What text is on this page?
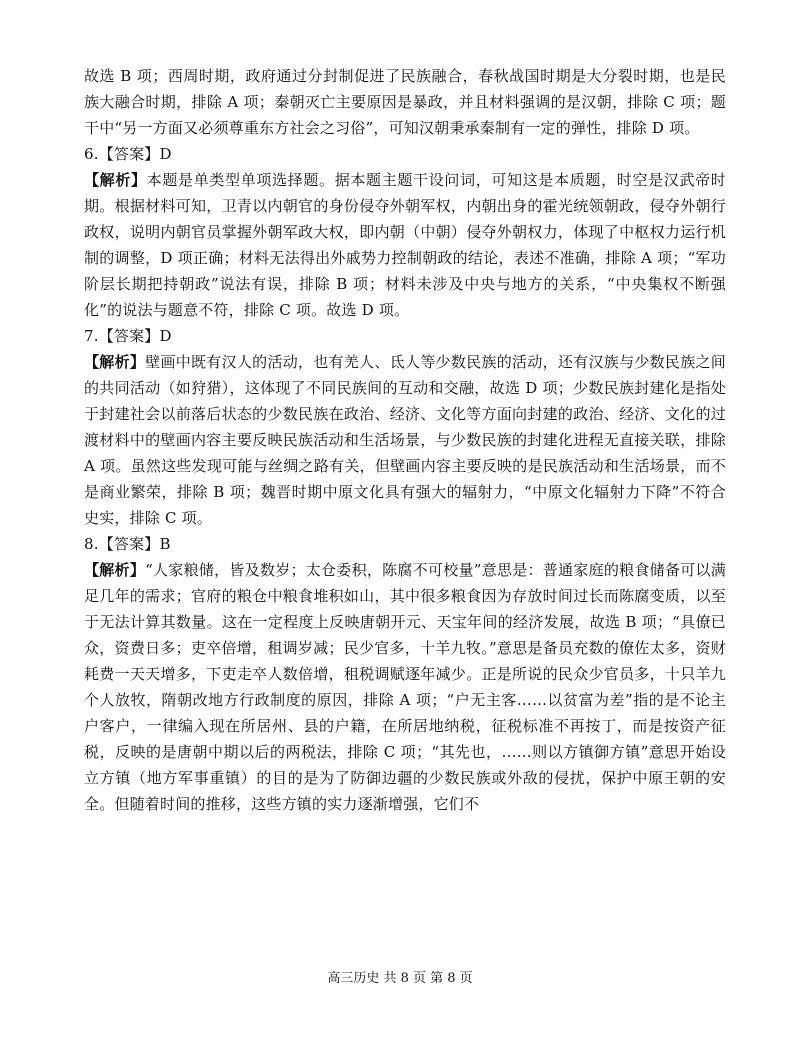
故选 B 项；西周时期，政府通过分封制促进了民族融合，春秋战国时期是大分裂时期，也是民族大融合时期，排除 A 项；秦朝灭亡主要原因是暴政，并且材料强调的是汉朝，排除 C 项；题干中“另一方面又必须尊重东方社会之习俗”，可知汉朝秉承秦制有一定的弹性，排除 D 项。

6.【答案】D

【解析】本题是单类型单项选择题。据本题主题干设问词，可知这是本质题，时空是汉武帝时期。根据材料可知，卫青以内朝官的身份侵夺外朝军权，内朝出身的霍光统领朝政，侵夺外朝行政权，说明内朝官员掌握外朝军政大权，即内朝（中朝）侵夺外朝权力，体现了中枢权力运行机制的调整，D 项正确；材料无法得出外戚势力控制朝政的结论，表述不准确，排除 A 项；“军功阶层长期把持朝政”说法有误，排除 B 项；材料未涉及中央与地方的关系，“中央集权不断强化”的说法与题意不符，排除 C 项。故选 D 项。

7.【答案】D

【解析】壁画中既有汉人的活动，也有羌人、氐人等少数民族的活动，还有汉族与少数民族之间的共同活动（如狩猎），这体现了不同民族间的互动和交融，故选 D 项；少数民族封建化是指处于封建社会以前落后状态的少数民族在政治、经济、文化等方面向封建的政治、经济、文化的过渡材料中的壁画内容主要反映民族活动和生活场景，与少数民族的封建化进程无直接关联，排除 A 项。虽然这些发现可能与丝绸之路有关，但壁画内容主要反映的是民族活动和生活场景，而不是商业繁荣，排除 B 项；魏晋时期中原文化具有强大的辐射力，“中原文化辐射力下降”不符合史实，排除 C 项。

8.【答案】B

【解析】“人家粮储，皆及数岁；太仓委积，陈腐不可校量”意思是：普通家庭的粮食储备可以满足几年的需求；官府的粮仓中粮食堆积如山，其中很多粮食因为存放时间过长而陈腐变质，以至于无法计算其数量。这在一定程度上反映唐朝开元、天宝年间的经济发展，故选 B 项；“具僚已众，资费日多；吏卒倍增，租调岁减；民少官多，十羊九牧。”意思是备员充数的僚佐太多，资财耗费一天天增多，下吏走卒人数倍增，租税调赋逐年减少。正是所说的民众少官员多，十只羊九个人放牧，隋朝改地方行政制度的原因，排除 A 项；“户无主客……以贫富为差”指的是不论主户客户，一律编入现在所居州、县的户籍，在所居地纳税，征税标准不再按丁，而是按资产征税，反映的是唐朝中期以后的两税法，排除 C 项；“其先也，……则以方镇御方镇”意思开始设立方镇（地方军事重镇）的目的是为了防御边疆的少数民族或外敌的侵扰，保护中原王朝的安全。但随着时间的推移，这些方镇的实力逐渐增强，它们不

高三历史 共 8 页 第 8 页
